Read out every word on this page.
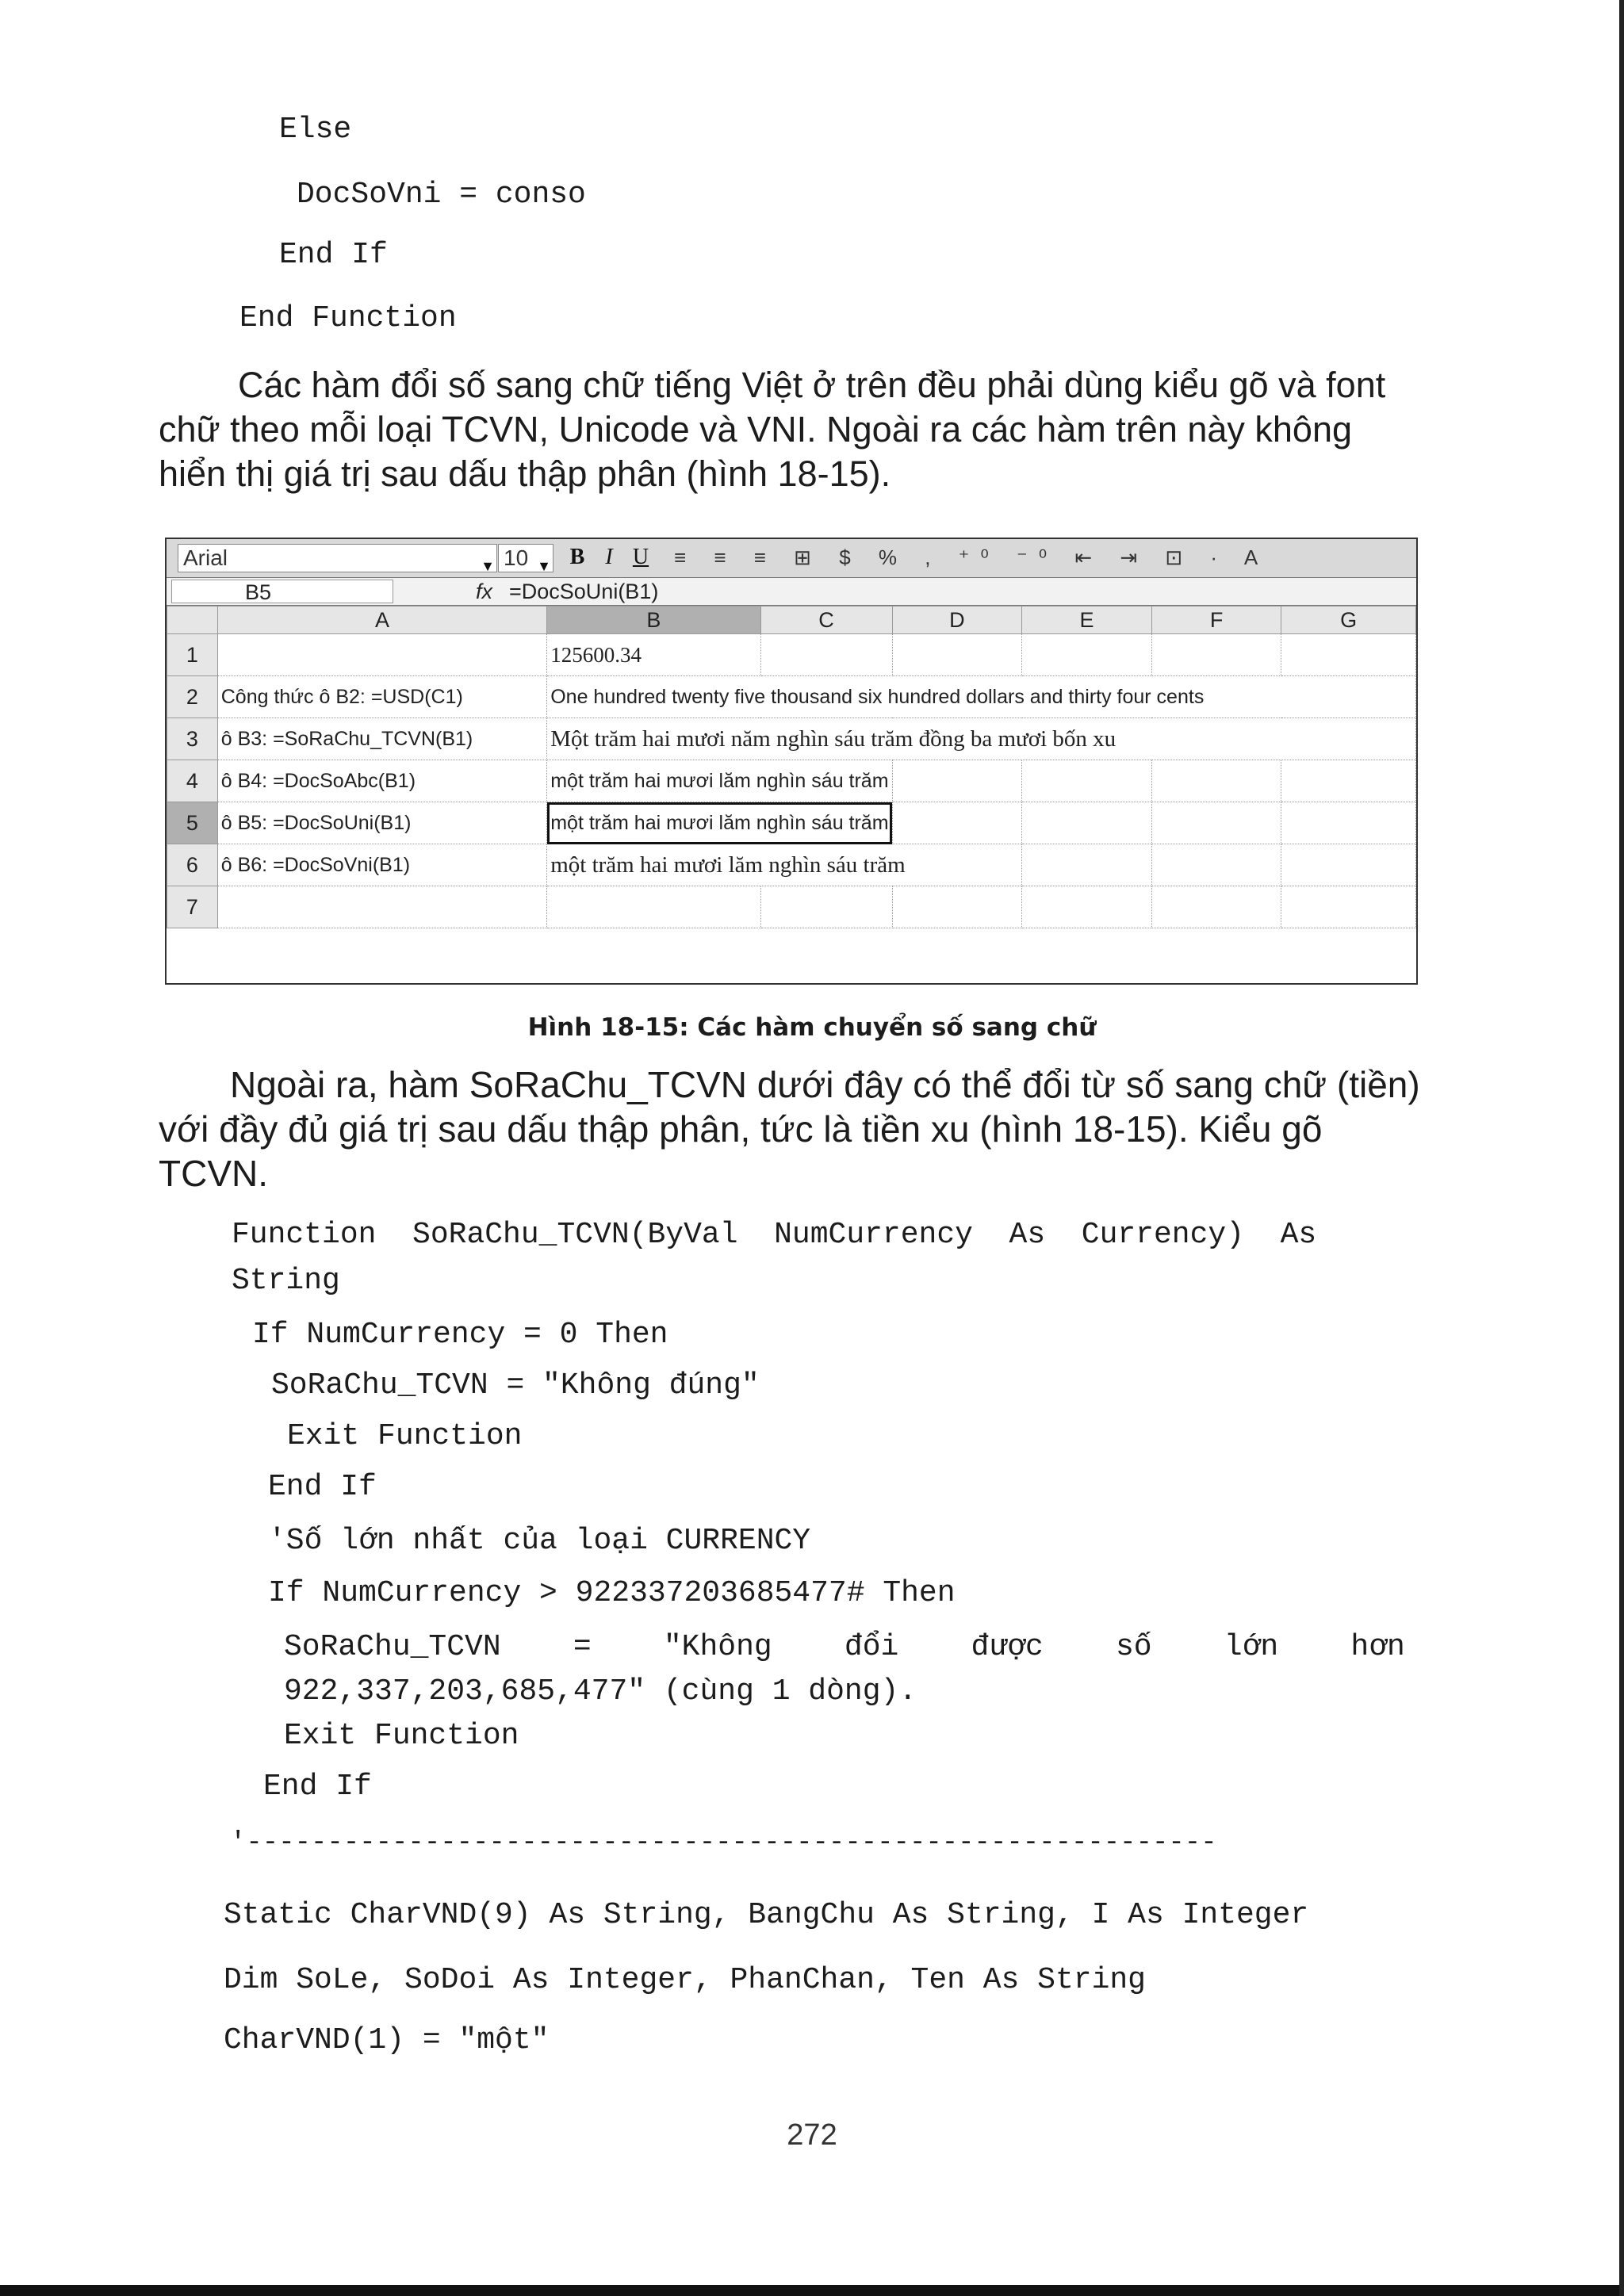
Else
DocSoVni = conso
End If
End Function
Các hàm đổi số sang chữ tiếng Việt ở trên đều phải dùng kiểu gõ và font chữ theo mỗi loại TCVN, Unicode và VNI. Ngoài ra các hàm trên này không hiển thị giá trị sau dấu thập phân (hình 18-15).
Arial	▼ 10 ▼ B I U	≡ ≡ ≡ ⊞ $ % , ⁺⁰ ⁻⁰ ⇤ ⇥ ⊡ · A
B5	fx =DocSoUni(B1)
	A	B	C	D	E	F	G
1		125600.34					
2	Công thức ô B2: =USD(C1)	One hundred twenty five thousand six hundred dollars and thirty four cents					
3	ô B3: =SoRaChu_TCVN(B1)	Một trăm hai mươi năm nghìn sáu trăm đồng ba mươi bốn xu					
4	ô B4: =DocSoAbc(B1)	một trăm hai mươi lăm nghìn sáu trăm					
5	ô B5: =DocSoUni(B1)	một trăm hai mươi lăm nghìn sáu trăm					
6	ô B6: =DocSoVni(B1)	một trăm hai mươi lăm nghìn sáu trăm					
7							
Hình 18-15: Các hàm chuyển số sang chữ
Ngoài ra, hàm SoRaChu_TCVN dưới đây có thể đổi từ số sang chữ (tiền) với đầy đủ giá trị sau dấu thập phân, tức là tiền xu (hình 18-15). Kiểu gõ TCVN.
Function  SoRaChu_TCVN(ByVal  NumCurrency  As  Currency)  As
String
If NumCurrency = 0 Then
SoRaChu_TCVN = "Không đúng"
Exit Function
End If
'Số lớn nhất của loại CURRENCY
If NumCurrency > 922337203685477# Then
SoRaChu_TCVN    =    "Không    đổi    được    số    lớn    hơn
922,337,203,685,477" (cùng 1 dòng).
Exit Function
End If
'------------------------------------------------------------
Static CharVND(9) As String, BangChu As String, I As Integer
Dim SoLe, SoDoi As Integer, PhanChan, Ten As String
CharVND(1) = "một"
272
